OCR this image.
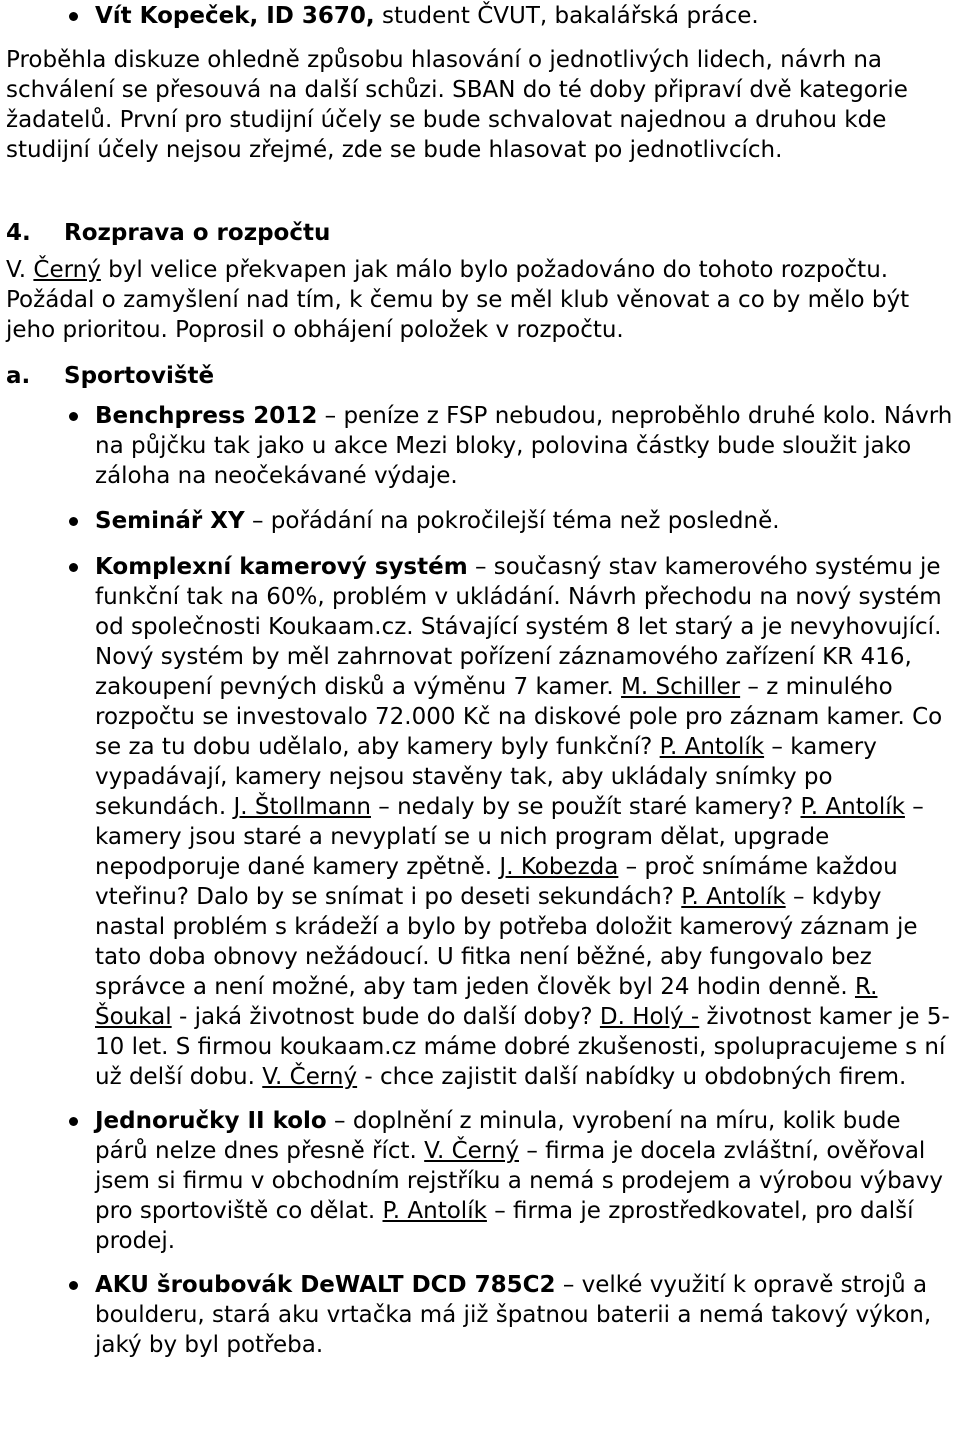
Vít Kopeček, ID 3670, student ČVUT, bakalářská práce.

Proběhla diskuze ohledně způsobu hlasování o jednotlivých lidech, návrh na schválení se přesouvá na další schůzi. SBAN do té doby připraví dvě kategorie žadatelů. První pro studijní účely se bude schvalovat najednou a druhou kde studijní účely nejsou zřejmé, zde se bude hlasovat po jednotlivcích.

4.	Rozprava o rozpočtu

V. Černý byl velice překvapen jak málo bylo požadováno do tohoto rozpočtu. Požádal o zamyšlení nad tím, k čemu by se měl klub věnovat a co by mělo být jeho prioritou. Poprosil o obhájení položek v rozpočtu.

a.	Sportoviště
Benchpress 2012 – peníze z FSP nebudou, neproběhlo druhé kolo. Návrh na půjčku tak jako u akce Mezi bloky, polovina částky bude sloužit jako záloha na neočekávané výdaje.
Seminář XY – pořádání na pokročilejší téma než posledně.
Komplexní kamerový systém – současný stav kamerového systému je funkční tak na 60%, problém v ukládání. Návrh přechodu na nový systém od společnosti Koukaam.cz. Stávající systém 8 let starý a je nevyhovující. Nový systém by měl zahrnovat pořízení záznamového zařízení KR 416, zakoupení pevných disků a výměnu 7 kamer. M. Schiller – z minulého rozpočtu se investovalo 72.000 Kč na diskové pole pro záznam kamer. Co se za tu dobu udělalo, aby kamery byly funkční? P. Antolík – kamery vypadávají, kamery nejsou stavěny tak, aby ukládaly snímky po sekundách. J. Štollmann – nedaly by se použít staré kamery? P. Antolík – kamery jsou staré a nevyplatí se u nich program dělat, upgrade nepodporuje dané kamery zpětně. J. Kobezda – proč snímáme každou vteřinu? Dalo by se snímat i po deseti sekundách? P. Antolík – kdyby nastal problém s krádeží a bylo by potřeba doložit kamerový záznam je tato doba obnovy nežádoucí. U fitka není běžné, aby fungovalo bez správce a není možné, aby tam jeden člověk byl 24 hodin denně. R. Šoukal - jaká životnost bude do další doby? D. Holý - životnost kamer je 5-10 let. S firmou koukaam.cz máme dobré zkušenosti, spolupracujeme s ní už delší dobu. V. Černý - chce zajistit další nabídky u obdobných firem.
Jednoručky II kolo – doplnění z minula, vyrobení na míru, kolik bude párů nelze dnes přesně říct. V. Černý – firma je docela zvláštní, ověřoval jsem si firmu v obchodním rejstříku a nemá s prodejem a výrobou výbavy pro sportoviště co dělat. P. Antolík – firma je zprostředkovatel, pro další prodej.
AKU šroubovák DeWALT DCD 785C2 – velké využití k opravě strojů a boulderu, stará aku vrtačka má již špatnou baterii a nemá takový výkon, jaký by byl potřeba.
